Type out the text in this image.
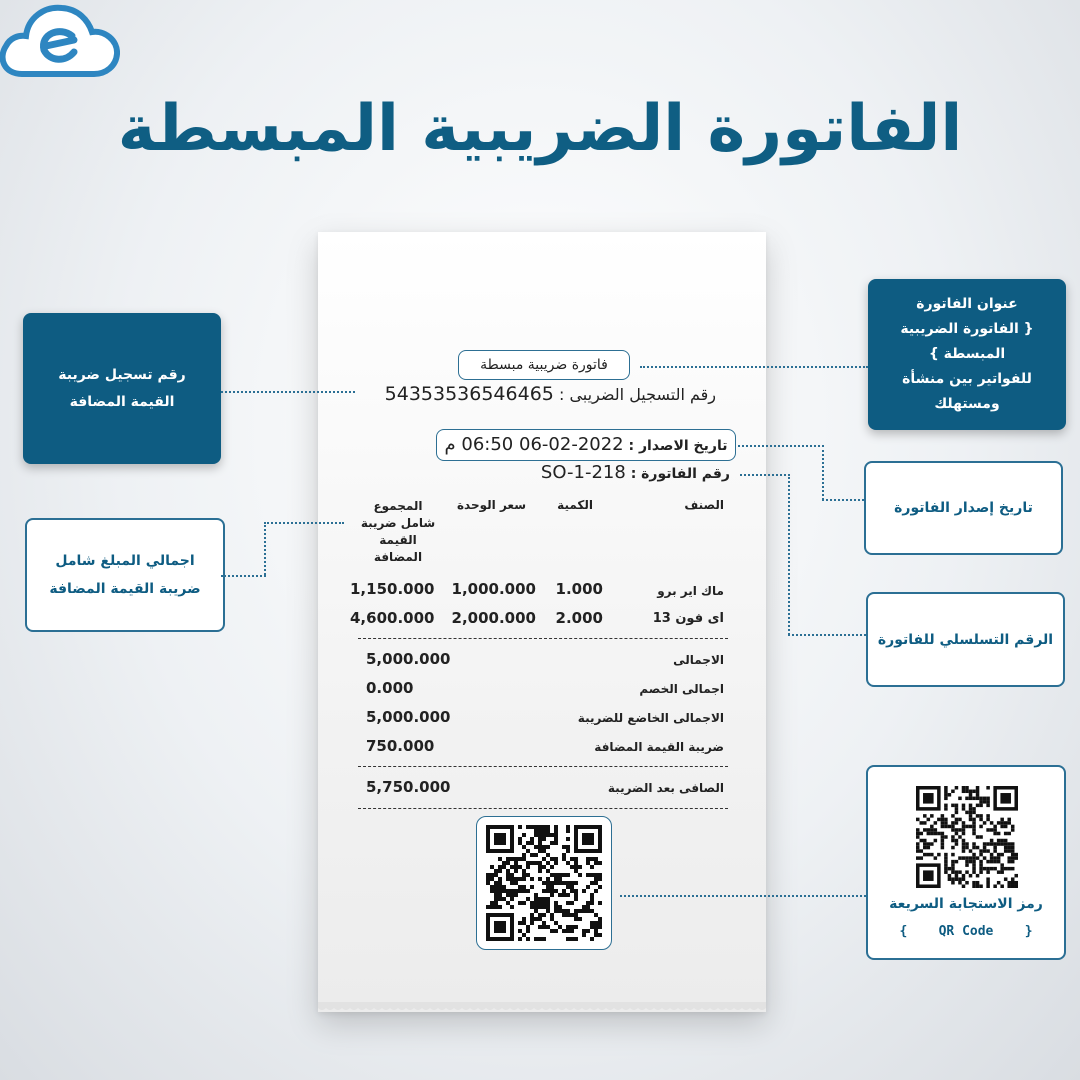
الفاتورة الضريبية المبسطة
فاتورة ضريبية مبسطة
رقم التسجيل الضريبى : 54353536546465
تاريخ الاصدار : 2022-02-06 06:50 م
رقم الفاتورة : SO-1-218
الصنف
الكمية
سعر الوحدة
المجموع
شامل ضريبة
القيمة
المضافة
ماك اير برو
1.000
1,000.000
1,150.000
اى فون 13
2.000
2,000.000
4,600.000
الاجمالى
5,000.000
اجمالى الخصم
0.000
الاجمالى الخاضع للضريبة
5,000.000
ضريبة القيمة المضافة
750.000
الصافى بعد الضريبة
5,750.000
رقم تسجيل ضريبة
القيمة المضافة
اجمالي المبلغ شامل
ضريبة القيمة المضافة
عنوان الفاتورة
{ الفاتورة الضريبية المبسطة }
للفواتير بين منشأة
ومستهلك
تاريخ إصدار الفاتورة
الرقم التسلسلي للفاتورة
رمز الاستجابة السريعة
{    QR Code    }
